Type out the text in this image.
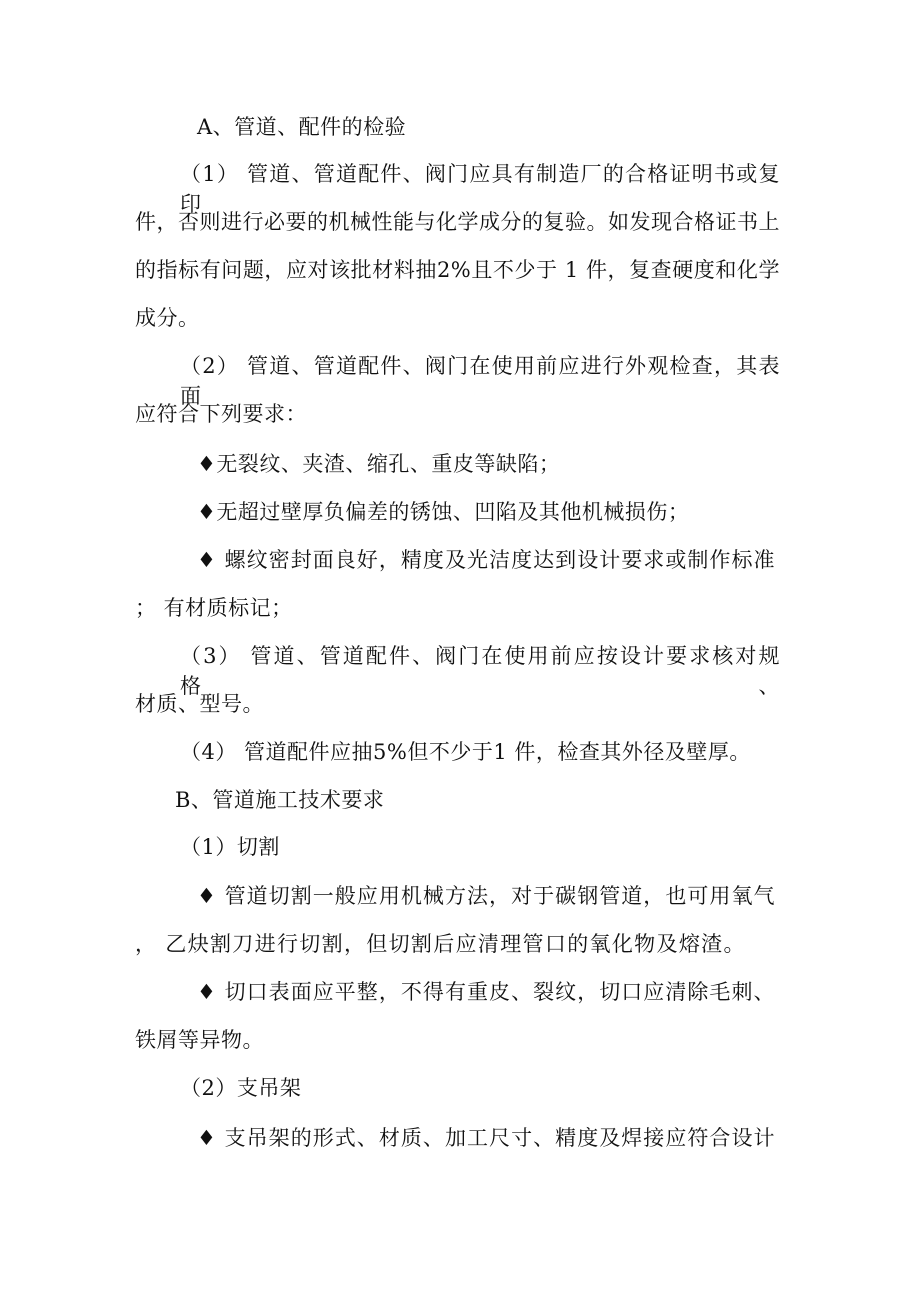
A、管道、配件的检验
（1） 管道、管道配件、阀门应具有制造厂的合格证明书或复印
件，否则进行必要的机械性能与化学成分的复验。如发现合格证书上
的指标有问题，应对该批材料抽2%且不少于 1 件，复查硬度和化学
成分。
（2） 管道、管道配件、阀门在使用前应进行外观检查，其表面
应符合下列要求：
♦无裂纹、夹渣、缩孔、重皮等缺陷；
♦无超过壁厚负偏差的锈蚀、凹陷及其他机械损伤；
♦ 螺纹密封面良好，精度及光洁度达到设计要求或制作标准
； 有材质标记；
（3） 管道、管道配件、阀门在使用前应按设计要求核对规格、
材质、型号。
（4） 管道配件应抽5%但不少于1 件，检查其外径及壁厚。
B、管道施工技术要求
（1）切割
♦ 管道切割一般应用机械方法，对于碳钢管道，也可用氧气
， 乙炔割刀进行切割，但切割后应清理管口的氧化物及熔渣。
♦ 切口表面应平整，不得有重皮、裂纹，切口应清除毛刺、
铁屑等异物。
（2）支吊架
♦ 支吊架的形式、材质、加工尺寸、精度及焊接应符合设计
